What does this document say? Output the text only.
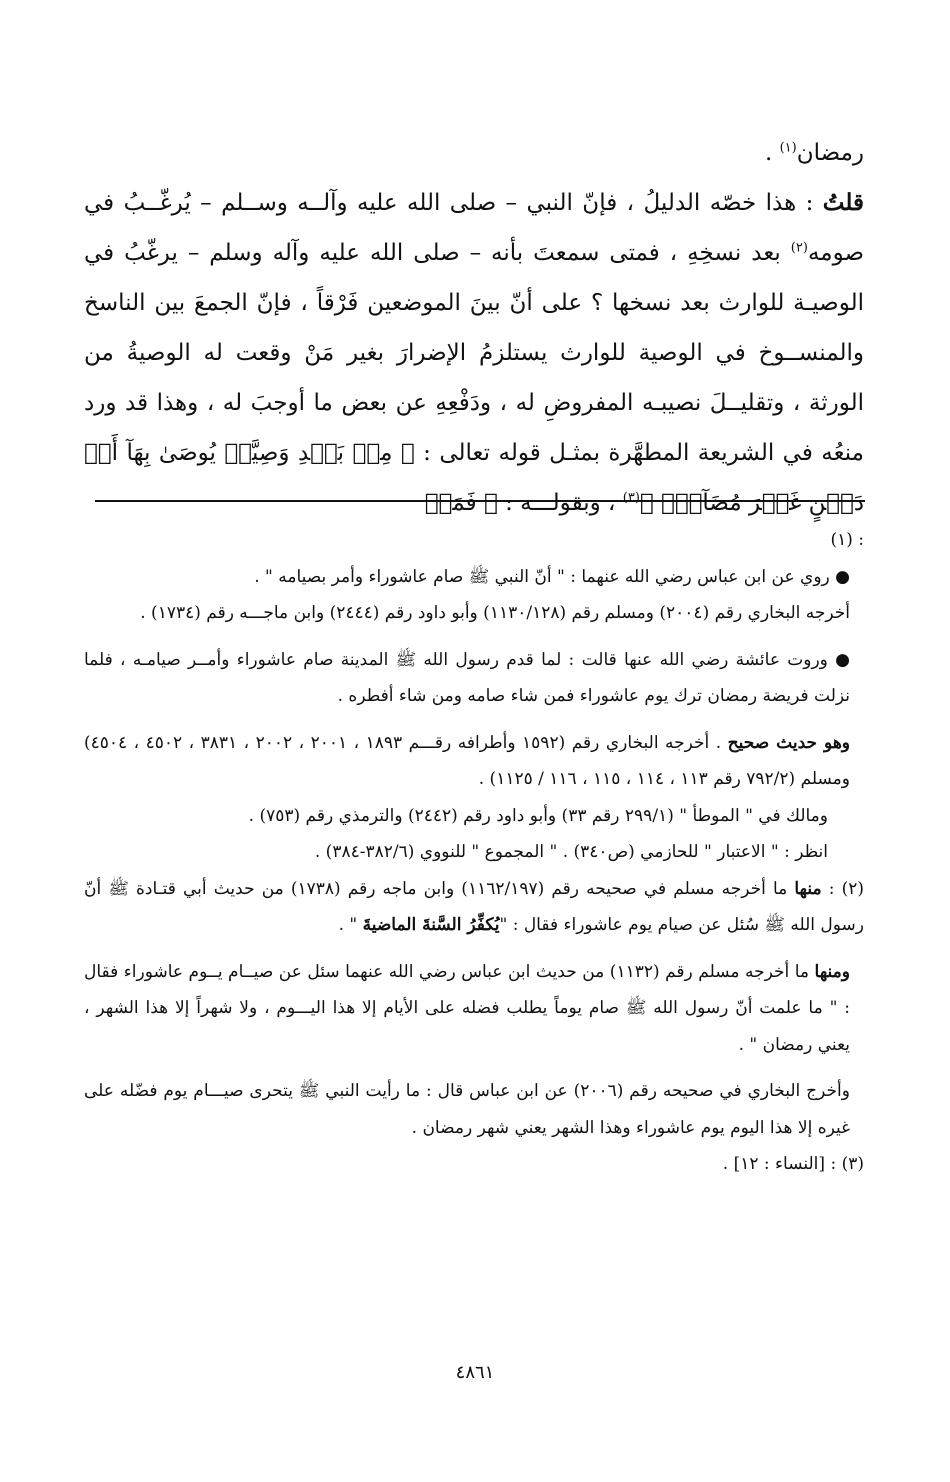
رمضان$^{(١)}$ .

قلتُ : هذا خصّه الدليلُ ، فإنّ النبي – صلى الله عليه وآلــه وســلم – يُرغّــبُ في صومه$^{(٢)}$ بعد نسخِهِ ، فمتى سمعتَ بأنه – صلى الله عليه وآله وسلم – يرغّبُ في الوصيـة للوارث بعد نسخها ؟ على أنّ بينَ الموضعين فَرْقاً ، فإنّ الجمعَ بين الناسخ والمنســوخ في الوصية للوارث يستلزمُ الإضرارَ بغير مَنْ وقعت له الوصيةُ من الورثة ، وتقليــلَ نصيبـه المفروضِ له ، ودَفْعِهِ عن بعض ما أوجبَ له ، وهذا قد ورد منعُه في الشريعة المطهَّرة بمثـل قوله تعالى : ﴿ مِنۢ بَعۡدِ وَصِيَّةٖ يُوصَىٰ بِهَآ أَوۡ دَيۡنٍ غَيۡرَ مُضَآرّٖ ﴾$^{(٣)}$ ، وبقولـــه : ﴿ فَمَنۡ

: (١)

● روي عن ابن عباس رضي الله عنهما : " أنّ النبي ﷺ صام عاشوراء وأمر بصيامه " .

أخرجه البخاري رقم (٢٠٠٤) ومسلم رقم (١١٣٠/١٢٨) وأبو داود رقم (٢٤٤٤) وابن ماجـــه رقم (١٧٣٤) .

● وروت عائشة رضي الله عنها قالت : لما قدم رسول الله ﷺ المدينة صام عاشوراء وأمــر صيامـه ، فلما نزلت فريضة رمضان ترك يوم عاشوراء فمن شاء صامه ومن شاء أفطره .

وهو حديث صحيح . أخرجه البخاري رقم (١٥٩٢ وأطرافه رقـــم ١٨٩٣ ، ٢٠٠١ ، ٢٠٠٢ ، ٣٨٣١ ، ٤٥٠٢ ، ٤٥٠٤) ومسلم (٧٩٢/٢ رقم ١١٣ ، ١١٤ ، ١١٥ ، ١١٦ / ١١٢٥) .

ومالك في " الموطأ " (٢٩٩/١ رقم ٣٣) وأبو داود رقم (٢٤٤٢) والترمذي رقم (٧٥٣) .

انظر : " الاعتبار " للحازمي (ص٣٤٠) . " المجموع " للنووي (٣٨٢/٦-٣٨٤) .

(٢) : منها ما أخرجه مسلم في صحيحه رقم (١١٦٢/١٩٧) وابن ماجه رقم (١٧٣٨) من حديث أبي قتـادة ﷺ أنّ رسول الله ﷺ سُئل عن صيام يوم عاشوراء فقال : "يُكفِّرُ السَّنةَ الماضيةَ " .

ومنها ما أخرجه مسلم رقم (١١٣٢) من حديث ابن عباس رضي الله عنهما سئل عن صيــام يــوم عاشوراء فقال : " ما علمت أنّ رسول الله ﷺ صام يوماً يطلب فضله على الأيام إلا هذا اليـــوم ، ولا شهراً إلا هذا الشهر ، يعني رمضان " .

وأخرج البخاري في صحيحه رقم (٢٠٠٦) عن ابن عباس قال : ما رأيت النبي ﷺ يتحرى صيـــام يوم فضّله على غيره إلا هذا اليوم يوم عاشوراء وهذا الشهر يعني شهر رمضان .

(٣) : [النساء : ١٢] .

٤٨٦١
